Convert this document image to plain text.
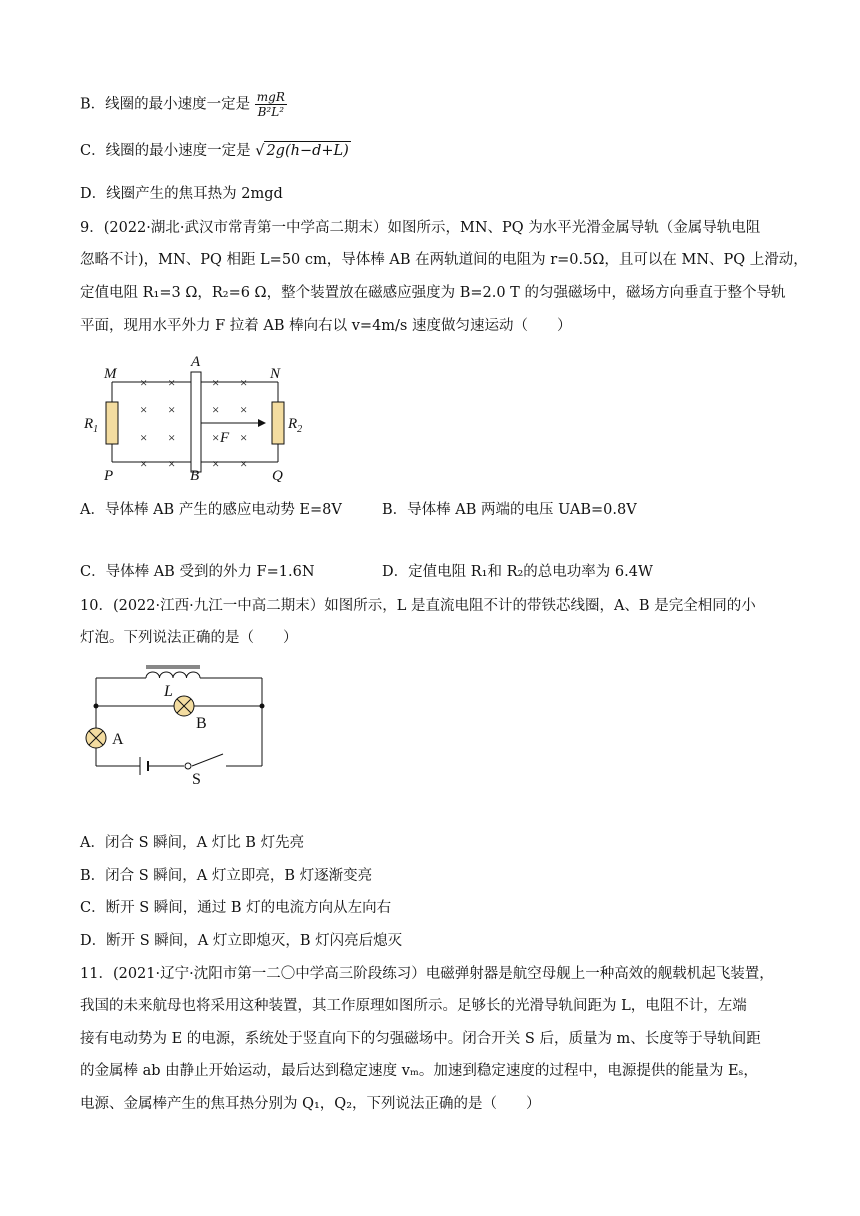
B．线圈的最小速度一定是 $\frac{\text{mgR}}{\text{B²L²}}$
C．线圈的最小速度一定是 √ 2g(h−d+L)
D．线圈产生的焦耳热为 2mgd
9．(2022·湖北·武汉市常青第一中学高二期末）如图所示，MN、PQ 为水平光滑金属导轨（金属导轨电阻
忽略不计)，MN、PQ 相距 L=50 cm，导体棒 AB 在两轨道间的电阻为 r=0.5Ω，且可以在 MN、PQ 上滑动，
定值电阻 R₁=3 Ω，R₂=6 Ω，整个装置放在磁感应强度为 B=2.0 T 的匀强磁场中，磁场方向垂直于整个导轨
平面，现用水平外力 F 拉着 AB 棒向右以 v=4m/s 速度做匀速运动（　　）
× ×	× ×
× ×	× ×
× ×	× ×
× ×	× ×
M	N
P	Q
A
B
F
$R_1$	$R_2$
A．导体棒 AB 产生的感应电动势 E=8V	B．导体棒 AB 两端的电压 UAB=0.8V
C．导体棒 AB 受到的外力 F=1.6N	D．定值电阻 R₁和 R₂的总电功率为 6.4W
10．(2022·江西·九江一中高二期末）如图所示，L 是直流电阻不计的带铁芯线圈，A、B 是完全相同的小
灯泡。下列说法正确的是（　　）
L
B
A
S
A．闭合 S 瞬间，A 灯比 B 灯先亮
B．闭合 S 瞬间，A 灯立即亮，B 灯逐渐变亮
C．断开 S 瞬间，通过 B 灯的电流方向从左向右
D．断开 S 瞬间，A 灯立即熄灭，B 灯闪亮后熄灭
11．(2021·辽宁·沈阳市第一二〇中学高三阶段练习）电磁弹射器是航空母舰上一种高效的舰载机起飞装置，
我国的未来航母也将采用这种装置，其工作原理如图所示。足够长的光滑导轨间距为 L，电阻不计，左端
接有电动势为 E 的电源，系统处于竖直向下的匀强磁场中。闭合开关 S 后，质量为 m、长度等于导轨间距
的金属棒 ab 由静止开始运动，最后达到稳定速度 vₘ。加速到稳定速度的过程中，电源提供的能量为 Eₛ，
电源、金属棒产生的焦耳热分别为 Q₁，Q₂，下列说法正确的是（　　）
